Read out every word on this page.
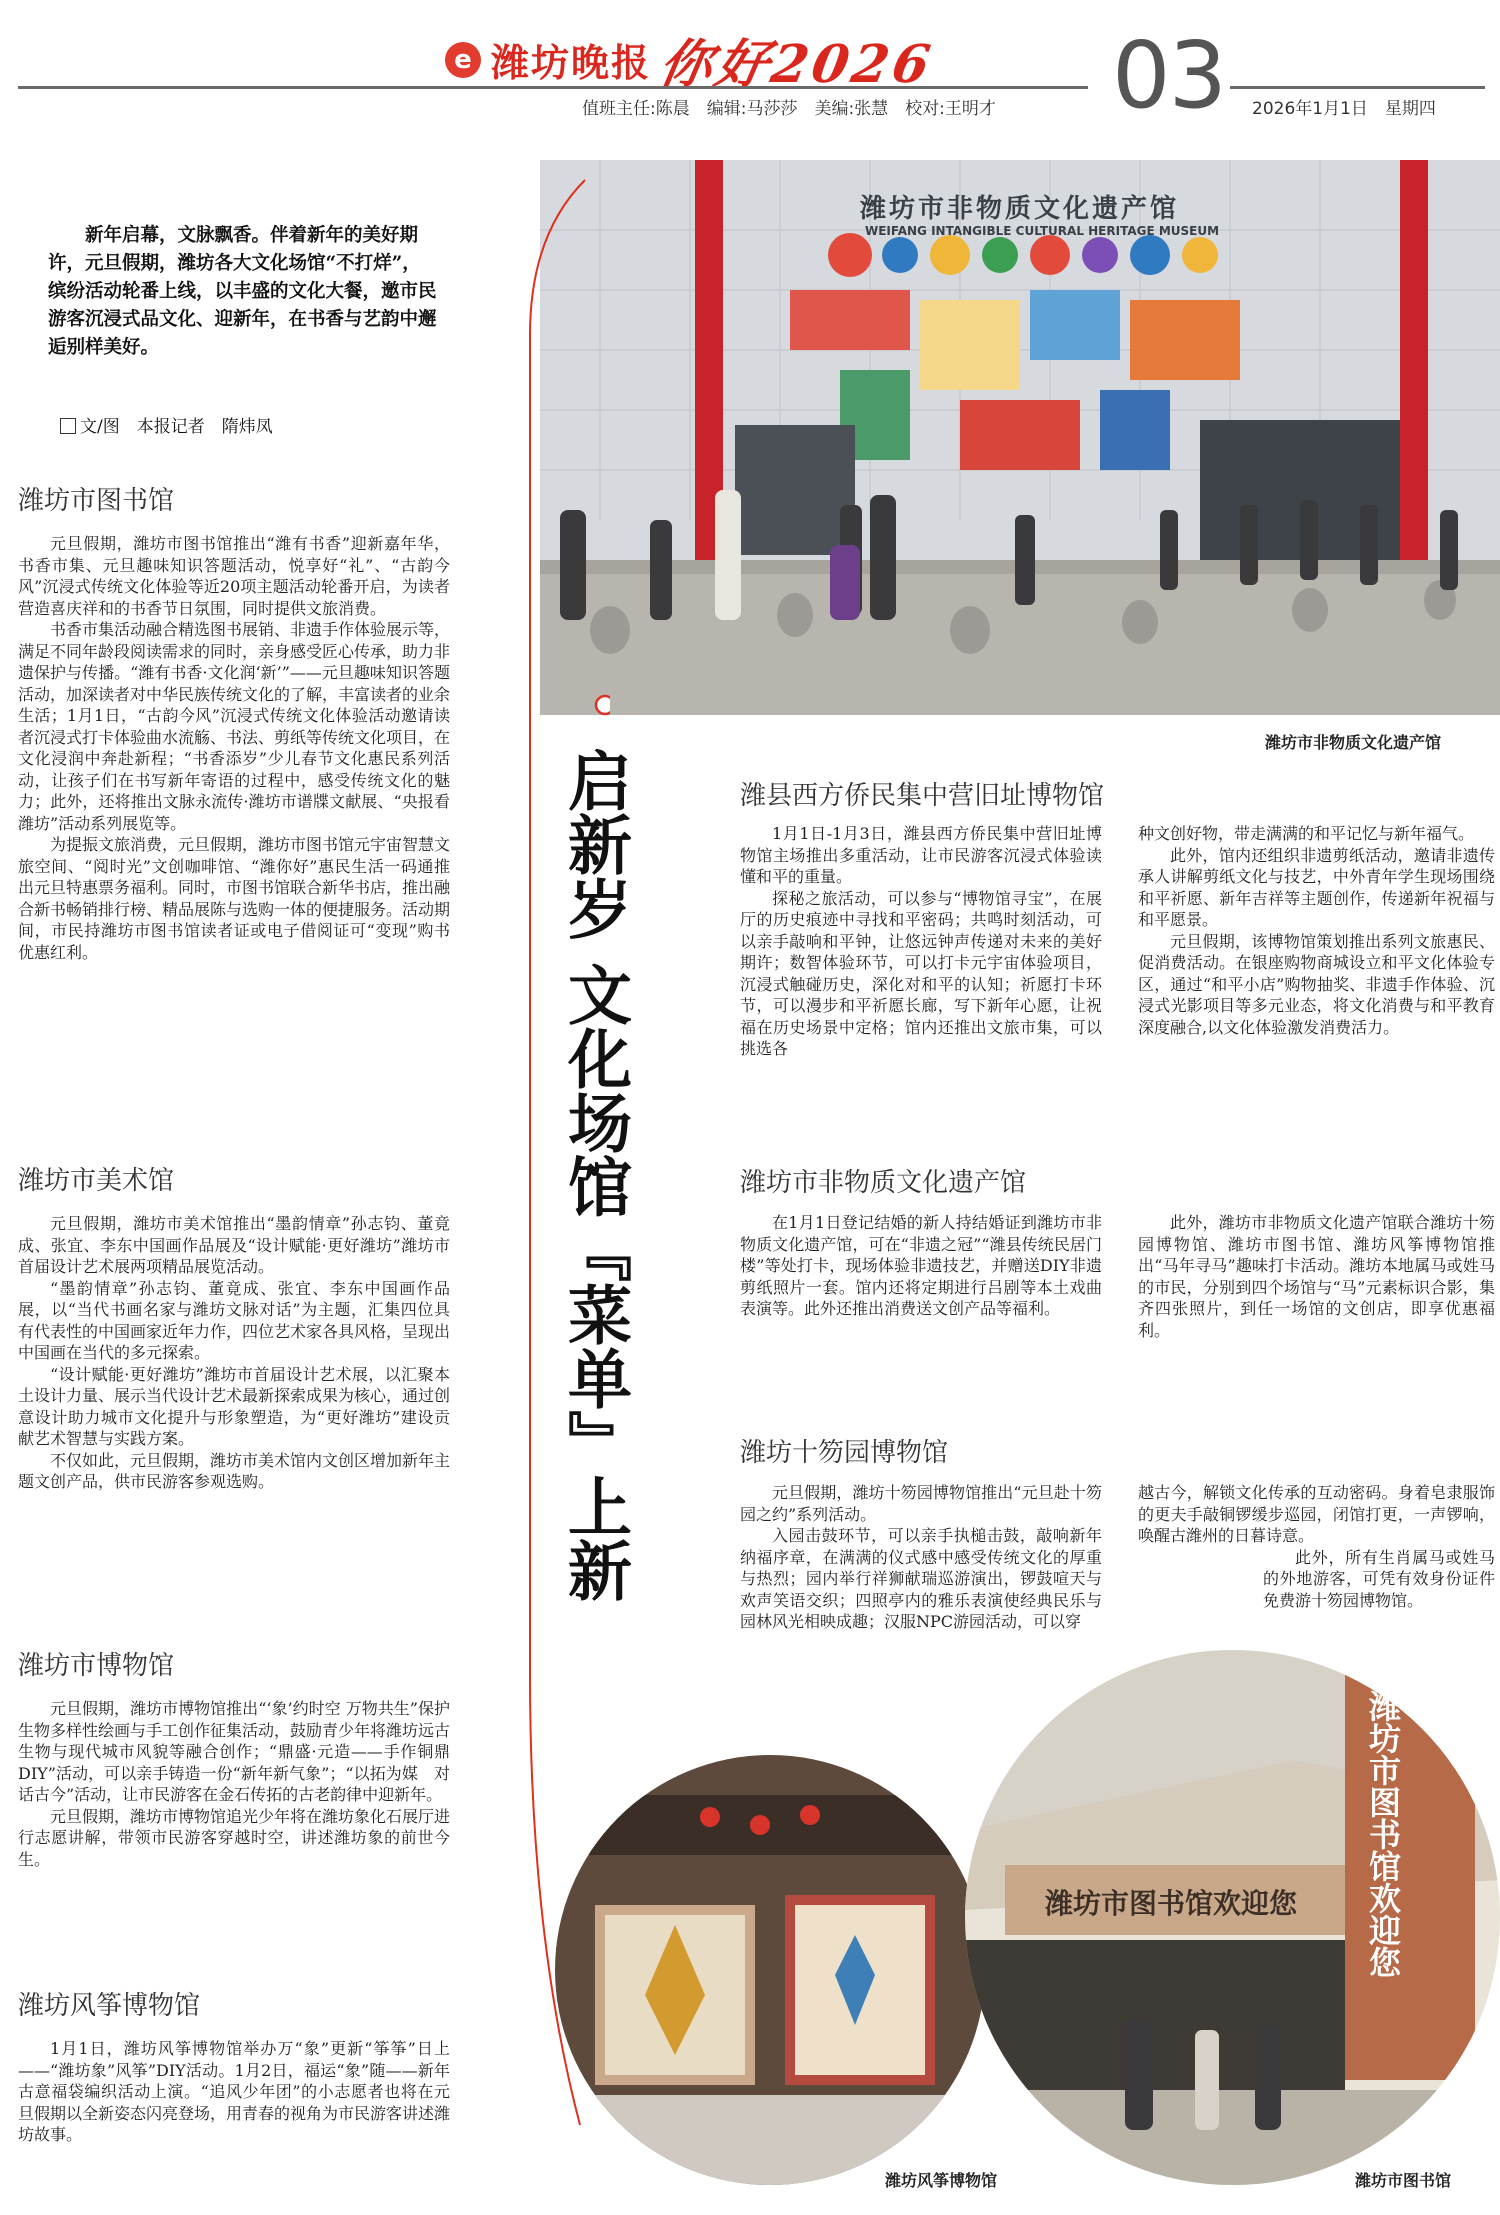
e 潍坊晚报 你好2026 03
值班主任:陈晨　编辑:马莎莎　美编:张慧　校对:王明才	2026年1月1日　星期四
新年启幕，文脉飘香。伴着新年的美好期许，元旦假期，潍坊各大文化场馆“不打烊”，缤纷活动轮番上线，以丰盛的文化大餐，邀市民游客沉浸式品文化、迎新年，在书香与艺韵中邂逅别样美好。
文/图　本报记者　隋炜凤
潍坊市非物质文化遗产馆
WEIFANG INTANGIBLE CULTURAL HERITAGE MUSEUM
潍坊市非物质文化遗产馆
启新岁 文化场馆『菜单』上新
潍坊市图书馆

元旦假期，潍坊市图书馆推出“潍有书香”迎新嘉年华，书香市集、元旦趣味知识答题活动，悦享好“礼”、“古韵今风”沉浸式传统文化体验等近20项主题活动轮番开启，为读者营造喜庆祥和的书香节日氛围，同时提供文旅消费。

书香市集活动融合精选图书展销、非遗手作体验展示等，满足不同年龄段阅读需求的同时，亲身感受匠心传承，助力非遗保护与传播。“潍有书香·文化润‘新’”——元旦趣味知识答题活动，加深读者对中华民族传统文化的了解，丰富读者的业余生活；1月1日，“古韵今风”沉浸式传统文化体验活动邀请读者沉浸式打卡体验曲水流觞、书法、剪纸等传统文化项目，在文化浸润中奔赴新程；“书香添岁”少儿春节文化惠民系列活动，让孩子们在书写新年寄语的过程中，感受传统文化的魅力；此外，还将推出文脉永流传·潍坊市谱牒文献展、“央报看潍坊”活动系列展览等。

为提振文旅消费，元旦假期，潍坊市图书馆元宇宙智慧文旅空间、“阅时光”文创咖啡馆、“潍你好”惠民生活一码通推出元旦特惠票务福利。同时，市图书馆联合新华书店，推出融合新书畅销排行榜、精品展陈与选购一体的便捷服务。活动期间，市民持潍坊市图书馆读者证或电子借阅证可“变现”购书优惠红利。

潍坊市美术馆

元旦假期，潍坊市美术馆推出“墨韵情章”孙志钧、董竟成、张宜、李东中国画作品展及“设计赋能·更好潍坊”潍坊市首届设计艺术展两项精品展览活动。

“墨韵情章”孙志钧、董竟成、张宜、李东中国画作品展，以“当代书画名家与潍坊文脉对话”为主题，汇集四位具有代表性的中国画家近年力作，四位艺术家各具风格，呈现出中国画在当代的多元探索。

“设计赋能·更好潍坊”潍坊市首届设计艺术展，以汇聚本土设计力量、展示当代设计艺术最新探索成果为核心，通过创意设计助力城市文化提升与形象塑造，为“更好潍坊”建设贡献艺术智慧与实践方案。

不仅如此，元旦假期，潍坊市美术馆内文创区增加新年主题文创产品，供市民游客参观选购。

潍坊市博物馆

元旦假期，潍坊市博物馆推出“‘象’约时空 万物共生”保护生物多样性绘画与手工创作征集活动，鼓励青少年将潍坊远古生物与现代城市风貌等融合创作；“鼎盛·元造——手作铜鼎DIY”活动，可以亲手铸造一份“新年新气象”；“以拓为媒　对话古今”活动，让市民游客在金石传拓的古老韵律中迎新年。

元旦假期，潍坊市博物馆追光少年将在潍坊象化石展厅进行志愿讲解，带领市民游客穿越时空，讲述潍坊象的前世今生。

潍坊风筝博物馆

1月1日，潍坊风筝博物馆举办万“象”更新“筝筝”日上——“潍坊象”风筝”DIY活动。1月2日，福运“象”随——新年古意福袋编织活动上演。“追风少年团”的小志愿者也将在元旦假期以全新姿态闪亮登场，用青春的视角为市民游客讲述潍坊故事。

潍县西方侨民集中营旧址博物馆

1月1日-1月3日，潍县西方侨民集中营旧址博物馆主场推出多重活动，让市民游客沉浸式体验读懂和平的重量。

探秘之旅活动，可以参与“博物馆寻宝”，在展厅的历史痕迹中寻找和平密码；共鸣时刻活动，可以亲手敲响和平钟，让悠远钟声传递对未来的美好期许；数智体验环节，可以打卡元宇宙体验项目，沉浸式触碰历史，深化对和平的认知；祈愿打卡环节，可以漫步和平祈愿长廊，写下新年心愿，让祝福在历史场景中定格；馆内还推出文旅市集，可以挑选各

种文创好物，带走满满的和平记忆与新年福气。

此外，馆内还组织非遗剪纸活动，邀请非遗传承人讲解剪纸文化与技艺，中外青年学生现场围绕和平祈愿、新年吉祥等主题创作，传递新年祝福与和平愿景。

元旦假期，该博物馆策划推出系列文旅惠民、促消费活动。在银座购物商城设立和平文化体验专区，通过“和平小店”购物抽奖、非遗手作体验、沉浸式光影项目等多元业态，将文化消费与和平教育深度融合,以文化体验激发消费活力。

潍坊市非物质文化遗产馆

在1月1日登记结婚的新人持结婚证到潍坊市非物质文化遗产馆，可在“非遗之冠”“潍县传统民居门楼”等处打卡，现场体验非遗技艺，并赠送DIY非遗剪纸照片一套。馆内还将定期进行吕剧等本土戏曲表演等。此外还推出消费送文创产品等福利。

此外，潍坊市非物质文化遗产馆联合潍坊十笏园博物馆、潍坊市图书馆、潍坊风筝博物馆推出“马年寻马”趣味打卡活动。潍坊本地属马或姓马的市民，分别到四个场馆与“马”元素标识合影，集齐四张照片，到任一场馆的文创店，即享优惠福利。

潍坊十笏园博物馆

元旦假期，潍坊十笏园博物馆推出“元旦赴十笏园之约”系列活动。

入园击鼓环节，可以亲手执槌击鼓，敲响新年纳福序章，在满满的仪式感中感受传统文化的厚重与热烈；园内举行祥狮献瑞巡游演出，锣鼓喧天与欢声笑语交织；四照亭内的雅乐表演使经典民乐与园林风光相映成趣；汉服NPC游园活动，可以穿

越古今，解锁文化传承的互动密码。身着皂隶服饰的更夫手敲铜锣缓步巡园，闭馆打更，一声锣响，唤醒古潍州的日暮诗意。

此外，所有生肖属马或姓马的外地游客，可凭有效身份证件免费游十笏园博物馆。

潍坊风筝博物馆
潍坊市图书馆欢迎您 潍坊市图书馆欢迎您
潍坊市图书馆
